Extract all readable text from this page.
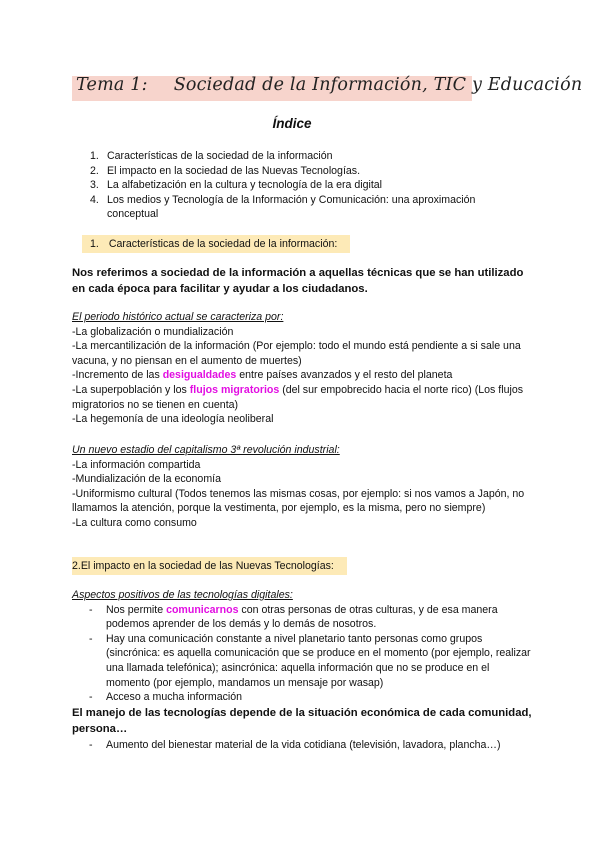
Tema 1: Sociedad de la Información, TIC y Educación
Índice
1. Características de la sociedad de la información
2. El impacto en la sociedad de las Nuevas Tecnologías.
3. La alfabetización en la cultura y tecnología de la era digital
4. Los medios y Tecnología de la Información y Comunicación: una aproximación conceptual
1. Características de la sociedad de la información:
Nos referimos a sociedad de la información a aquellas técnicas que se han utilizado en cada época para facilitar y ayudar a los ciudadanos.
El periodo histórico actual se caracteriza por:
-La globalización o mundialización
-La mercantilización de la información (Por ejemplo: todo el mundo está pendiente a si sale una vacuna, y no piensan en el aumento de muertes)
-Incremento de las desigualdades entre países avanzados y el resto del planeta
-La superpoblación y los flujos migratorios (del sur empobrecido hacia el norte rico) (Los flujos migratorios no se tienen en cuenta)
-La hegemonía de una ideología neoliberal
Un nuevo estadio del capitalismo 3ª revolución industrial:
-La información compartida
-Mundialización de la economía
-Uniformismo cultural (Todos tenemos las mismas cosas, por ejemplo: si nos vamos a Japón, no llamamos la atención, porque la vestimenta, por ejemplo, es la misma, pero no siempre)
-La cultura como consumo
2.El impacto en la sociedad de las Nuevas Tecnologías:
Aspectos positivos de las tecnologías digitales:
- Nos permite comunicarnos con otras personas de otras culturas, y de esa manera podemos aprender de los demás y lo demás de nosotros.
- Hay una comunicación constante a nivel planetario tanto personas como grupos (sincrónica: es aquella comunicación que se produce en el momento (por ejemplo, realizar una llamada telefónica); asincrónica: aquella información que no se produce en el momento (por ejemplo, mandamos un mensaje por wasap)
- Acceso a mucha información
El manejo de las tecnologías depende de la situación económica de cada comunidad, persona…
- Aumento del bienestar material de la vida cotidiana (televisión, lavadora, plancha…)
